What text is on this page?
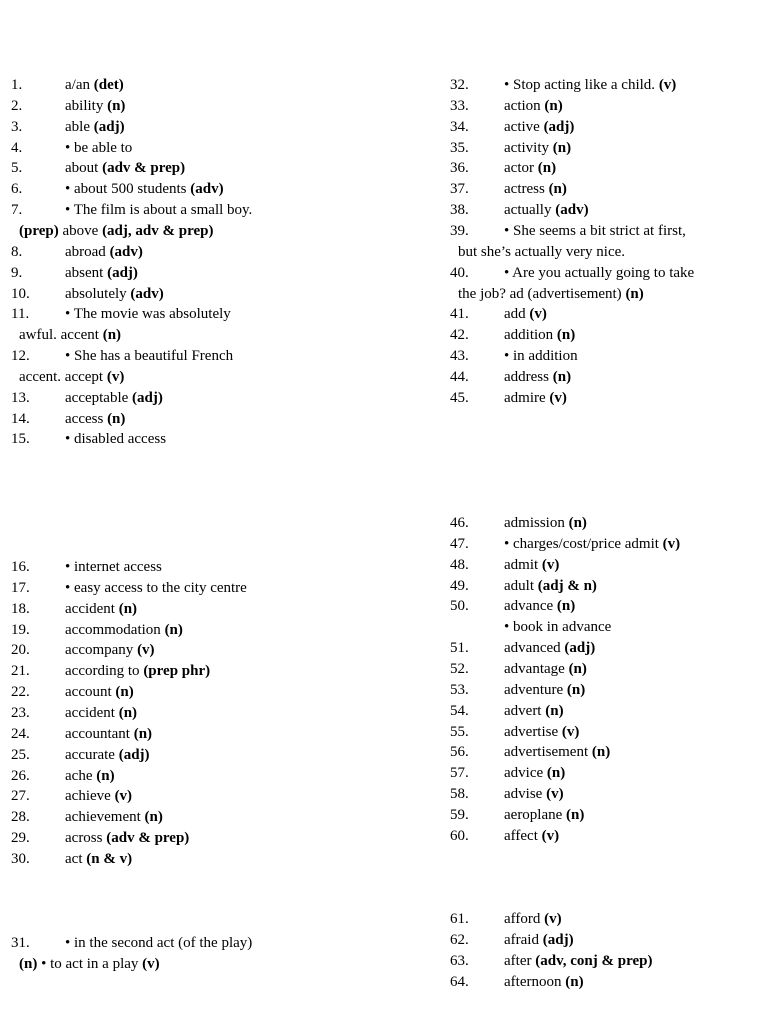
1.	a/an (det)
2.	ability (n)
3.	able (adj)
4.	• be able to
5.	about (adv & prep)
6.	• about 500 students (adv)
7.	• The film is about a small boy.
(prep) above (adj, adv & prep)
8.	abroad (adv)
9.	absent (adj)
10. absolutely (adv)
11. • The movie was absolutely
awful. accent (n)
12. • She has a beautiful French
accent. accept (v)
13. acceptable (adj)
14. access (n)
15. • disabled access
16. • internet access
17. • easy access to the city centre
18. accident (n)
19. accommodation (n)
20. accompany (v)
21. according to (prep phr)
22. account (n)
23. accident (n)
24. accountant (n)
25. accurate (adj)
26. ache (n)
27. achieve (v)
28. achievement (n)
29. across (adv & prep)
30. act (n & v)
31. • in the second act (of the play)
(n) • to act in a play (v)
32. • Stop acting like a child. (v)
33. action (n)
34. active (adj)
35. activity (n)
36. actor (n)
37. actress (n)
38. actually (adv)
39. • She seems a bit strict at first,
but she’s actually very nice.
40. • Are you actually going to take
the job? ad (advertisement) (n)
41. add (v)
42. addition (n)
43. • in addition
44. address (n)
45. admire (v)
46. admission (n)
47. • charges/cost/price admit (v)
48. admit (v)
49. adult (adj & n)
50. advance (n)
• book in advance
51. advanced (adj)
52. advantage (n)
53. adventure (n)
54. advert (n)
55. advertise (v)
56. advertisement (n)
57. advice (n)
58. advise (v)
59. aeroplane (n)
60. affect (v)
61. afford (v)
62. afraid (adj)
63. after (adv, conj & prep)
64. afternoon (n)
